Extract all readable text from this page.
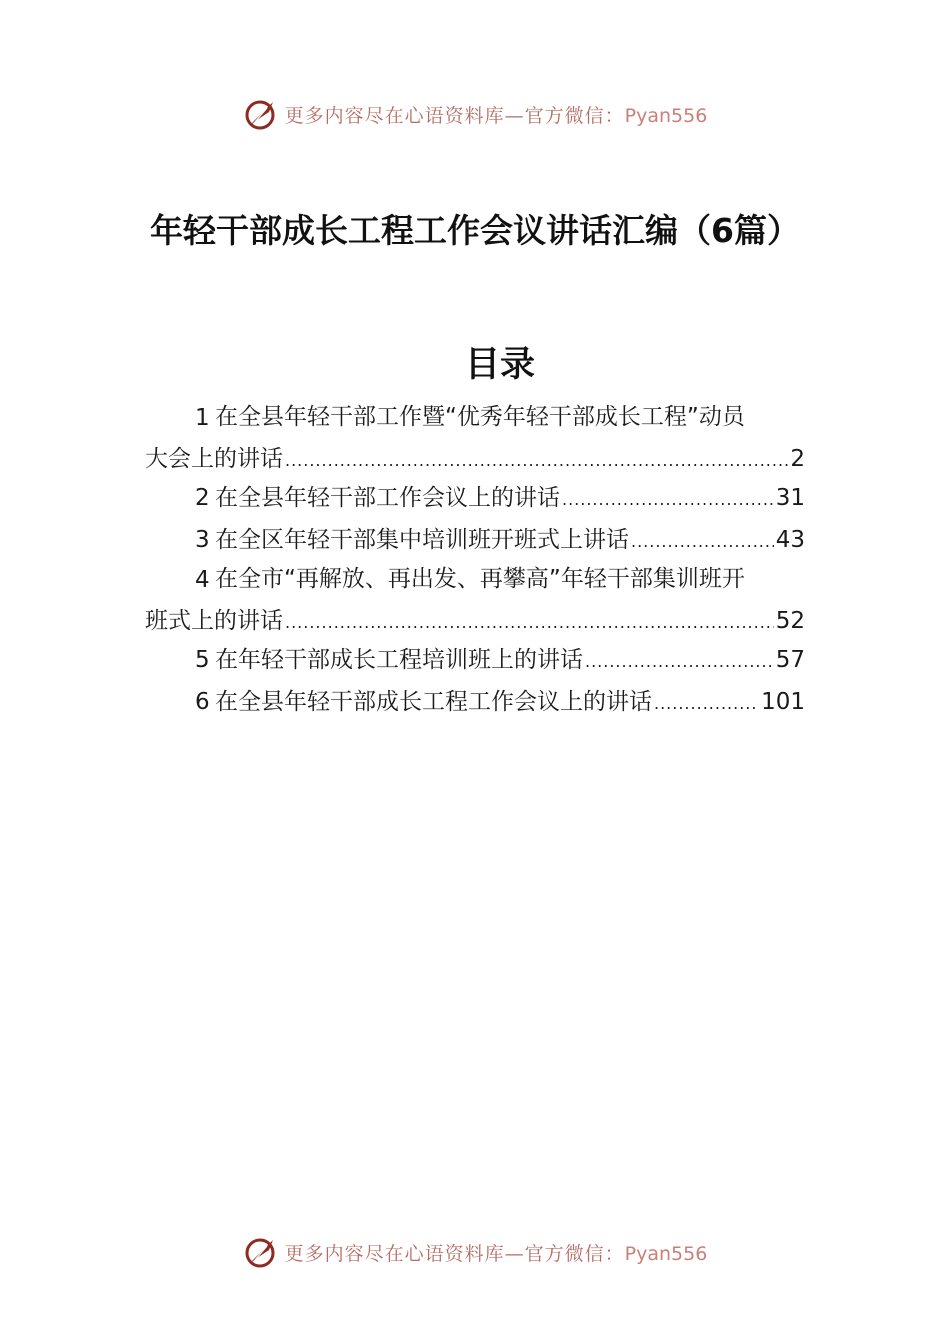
更多内容尽在心语资料库—官方微信：Pyan556
年轻干部成长工程工作会议讲话汇编（6篇）
目录
1 在全县年轻干部工作暨“优秀年轻干部成长工程”动员
大会上的讲话 .....	2
2 在全县年轻干部工作会议上的讲话 .....	31
3 在全区年轻干部集中培训班开班式上讲话 .....	43
4 在全市“再解放、再出发、再攀高”年轻干部集训班开
班式上的讲话 .....	52
5 在年轻干部成长工程培训班上的讲话 .....	57
6 在全县年轻干部成长工程工作会议上的讲话 .....	101
更多内容尽在心语资料库—官方微信：Pyan556
